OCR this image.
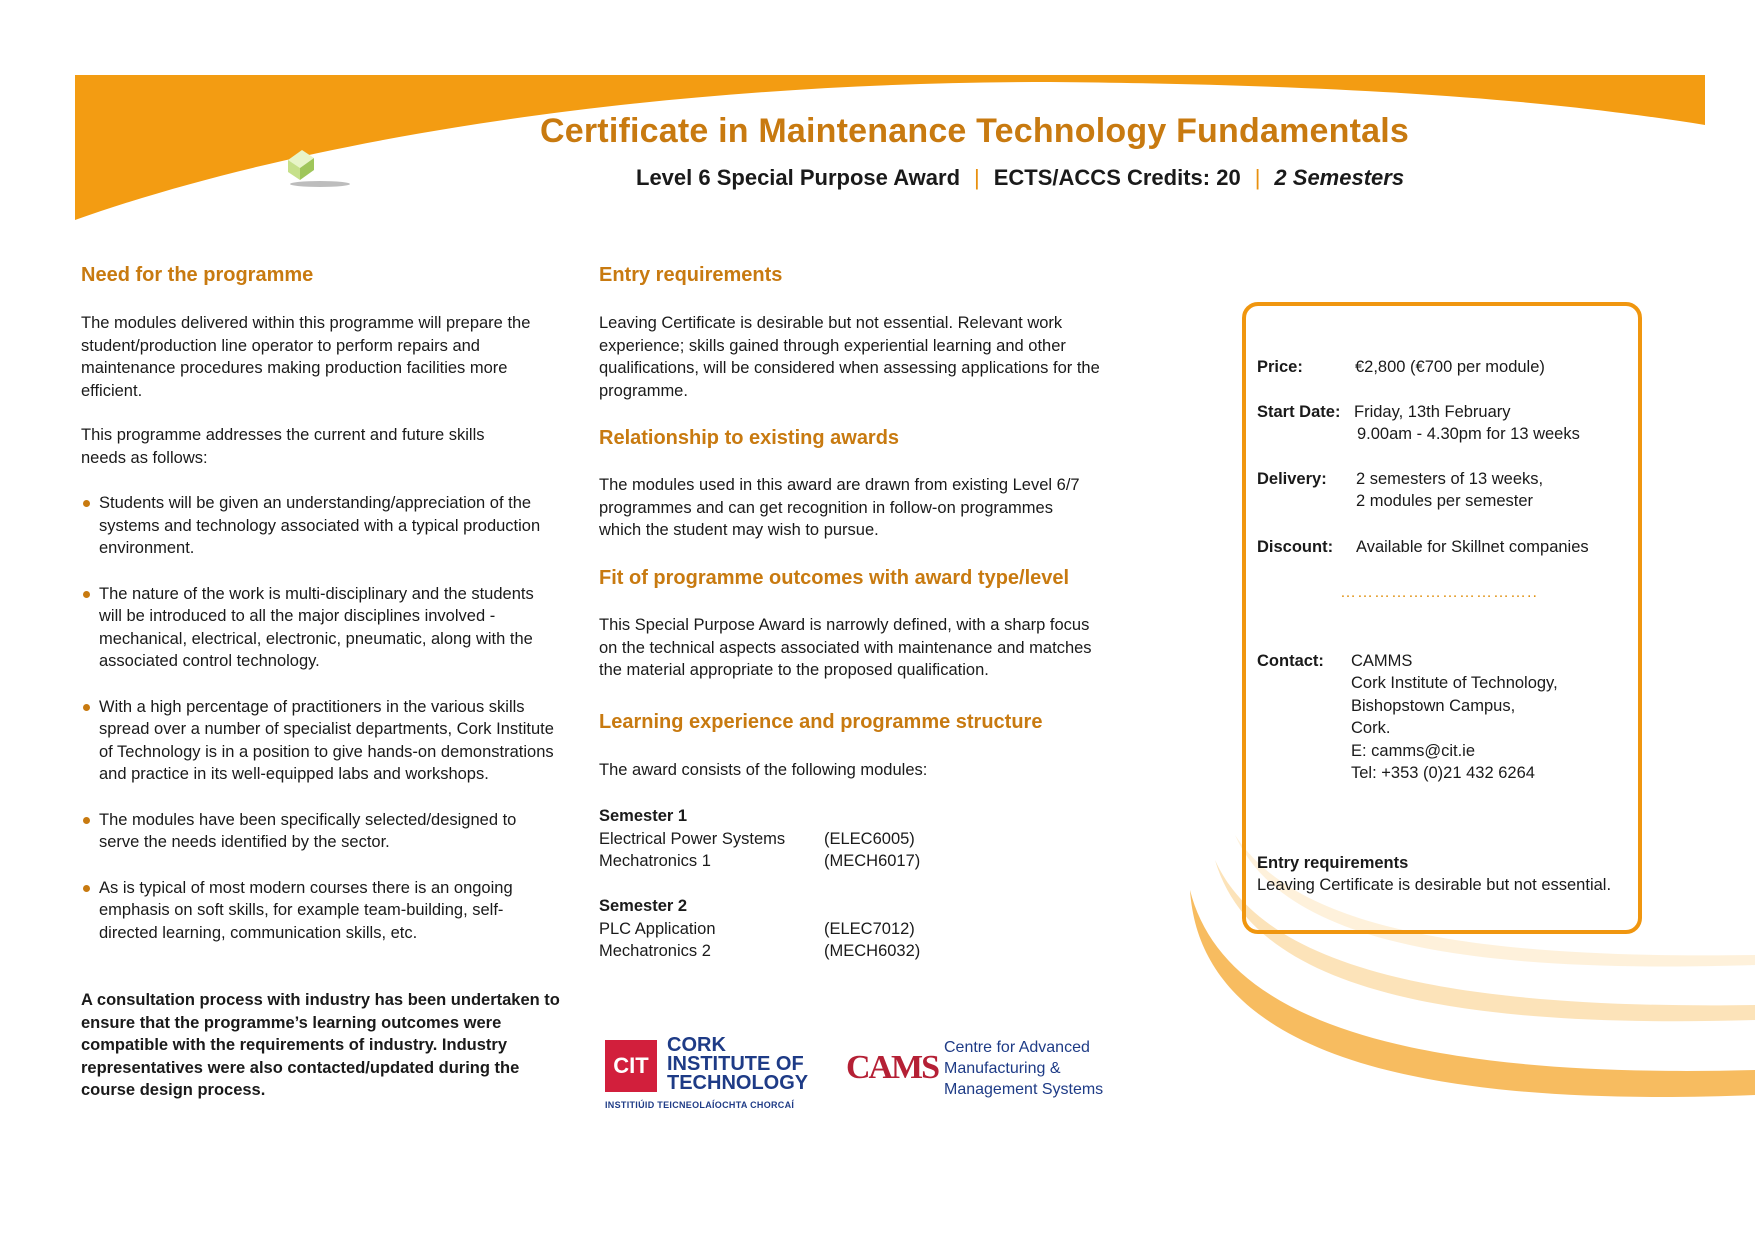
Certificate in Maintenance Technology Fundamentals
Level 6 Special Purpose Award | ECTS/ACCS Credits: 20 | 2 Semesters
Need for the programme

The modules delivered within this programme will prepare the student/production line operator to perform repairs and maintenance procedures making production facilities more efficient.

This programme addresses the current and future skills needs as follows:

Students will be given an understanding/appreciation of the systems and technology associated with a typical production environment.
The nature of the work is multi-disciplinary and the students will be introduced to all the major disciplines involved - mechanical, electrical, electronic, pneumatic, along with the associated control technology.
With a high percentage of practitioners in the various skills spread over a number of specialist departments, Cork Institute of Technology is in a position to give hands-on demonstrations and practice in its well-equipped labs and workshops.
The modules have been specifically selected/designed to serve the needs identified by the sector.
As is typical of most modern courses there is an ongoing emphasis on soft skills, for example team-building, self-directed learning, communication skills, etc.

A consultation process with industry has been undertaken to ensure that the programme’s learning outcomes were compatible with the requirements of industry. Industry representatives were also contacted/updated during the course design process.

Entry requirements

Leaving Certificate is desirable but not essential. Relevant work experience; skills gained through experiential learning and other qualifications, will be considered when assessing applications for the programme.

Relationship to existing awards

The modules used in this award are drawn from existing Level 6/7 programmes and can get recognition in follow-on programmes which the student may wish to pursue.

Fit of programme outcomes with award type/level

This Special Purpose Award is narrowly defined, with a sharp focus on the technical aspects associated with maintenance and matches the material appropriate to the proposed qualification.

Learning experience and programme structure

The award consists of the following modules:

Semester 1
Electrical Power Systems	(ELEC6005)
Mechatronics 1	(MECH6017)
Semester 2
PLC Application	(ELEC7012)
Mechatronics 2	(MECH6032)
CIT
CORK
INSTITUTE OF
TECHNOLOGY
INSTITIÚID TEICNEOLAÍOCHTA CHORCAÍ
CAMS
Centre for Advanced
Manufacturing &
Management Systems
Price:	€2,800 (€700 per module)
Start Date: Friday, 13th February
9.00am - 4.30pm for 13 weeks
Delivery: 2 semesters of 13 weeks,
2 modules per semester
Discount: Available for Skillnet companies
Contact: CAMMS
Cork Institute of Technology,
Bishopstown Campus,
Cork.
E: camms@cit.ie
Tel: +353 (0)21 432 6264
Entry requirements
Leaving Certificate is desirable but not essential.
……………………………..
